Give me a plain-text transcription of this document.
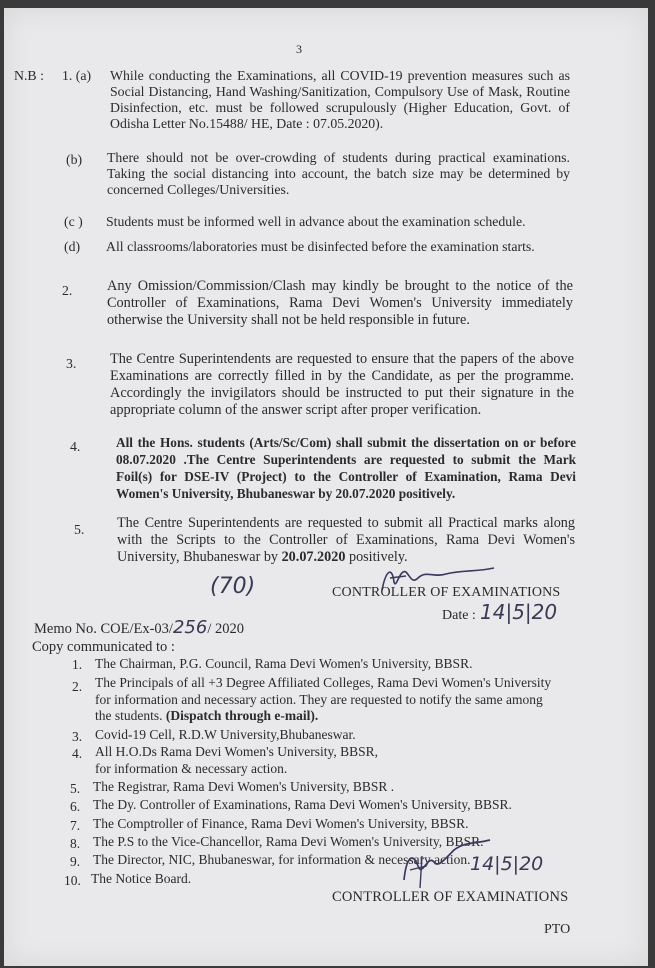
3
N.B : 1. (a) While conducting the Examinations, all COVID-19 prevention measures such as Social Distancing, Hand Washing/Sanitization, Compulsory Use of Mask, Routine Disinfection, etc. must be followed scrupulously (Higher Education, Govt. of Odisha Letter No.15488/ HE, Date : 07.05.2020).
(b) There should not be over-crowding of students during practical examinations. Taking the social distancing into account, the batch size may be determined by concerned Colleges/Universities.
(c ) Students must be informed well in advance about the examination schedule.
(d) All classrooms/laboratories must be disinfected before the examination starts.
2. Any Omission/Commission/Clash may kindly be brought to the notice of the Controller of Examinations, Rama Devi Women's University immediately otherwise the University shall not be held responsible in future.
3. The Centre Superintendents are requested to ensure that the papers of the above Examinations are correctly filled in by the Candidate, as per the programme. Accordingly the invigilators should be instructed to put their signature in the appropriate column of the answer script after proper verification.
4.	All the Hons. students (Arts/Sc/Com) shall submit the dissertation on or before 08.07.2020 .The Centre Superintendents are requested to submit the Mark Foil(s) for DSE-IV (Project) to the Controller of Examination, Rama Devi Women's University, Bhubaneswar by 20.07.2020 positively.
5. The Centre Superintendents are requested to submit all Practical marks along with the Scripts to the Controller of Examinations, Rama Devi Women's University, Bhubaneswar by 20.07.2020 positively.
(70)	CONTROLLER OF EXAMINATIONS
Date : 14|5|20
Memo No. COE/Ex-03/256/ 2020
Copy communicated to :
1. The Chairman, P.G. Council, Rama Devi Women's University, BBSR.
2. The Principals of all +3 Degree Affiliated Colleges, Rama Devi Women's University for information and necessary action. They are requested to notify the same among the students. (Dispatch through e-mail).
3. Covid-19 Cell, R.D.W University,Bhubaneswar.
4. All H.O.Ds Rama Devi Women's University, BBSR, for information & necessary action.
5. The Registrar, Rama Devi Women's University, BBSR .
6. The Dy. Controller of Examinations, Rama Devi Women's University, BBSR.
7. The Comptroller of Finance, Rama Devi Women's University, BBSR.
8. The P.S to the Vice-Chancellor, Rama Devi Women's University, BBSR.
9. The Director, NIC, Bhubaneswar, for information & necessary action.
10. The Notice Board.
14|5|20
CONTROLLER OF EXAMINATIONS
PTO
